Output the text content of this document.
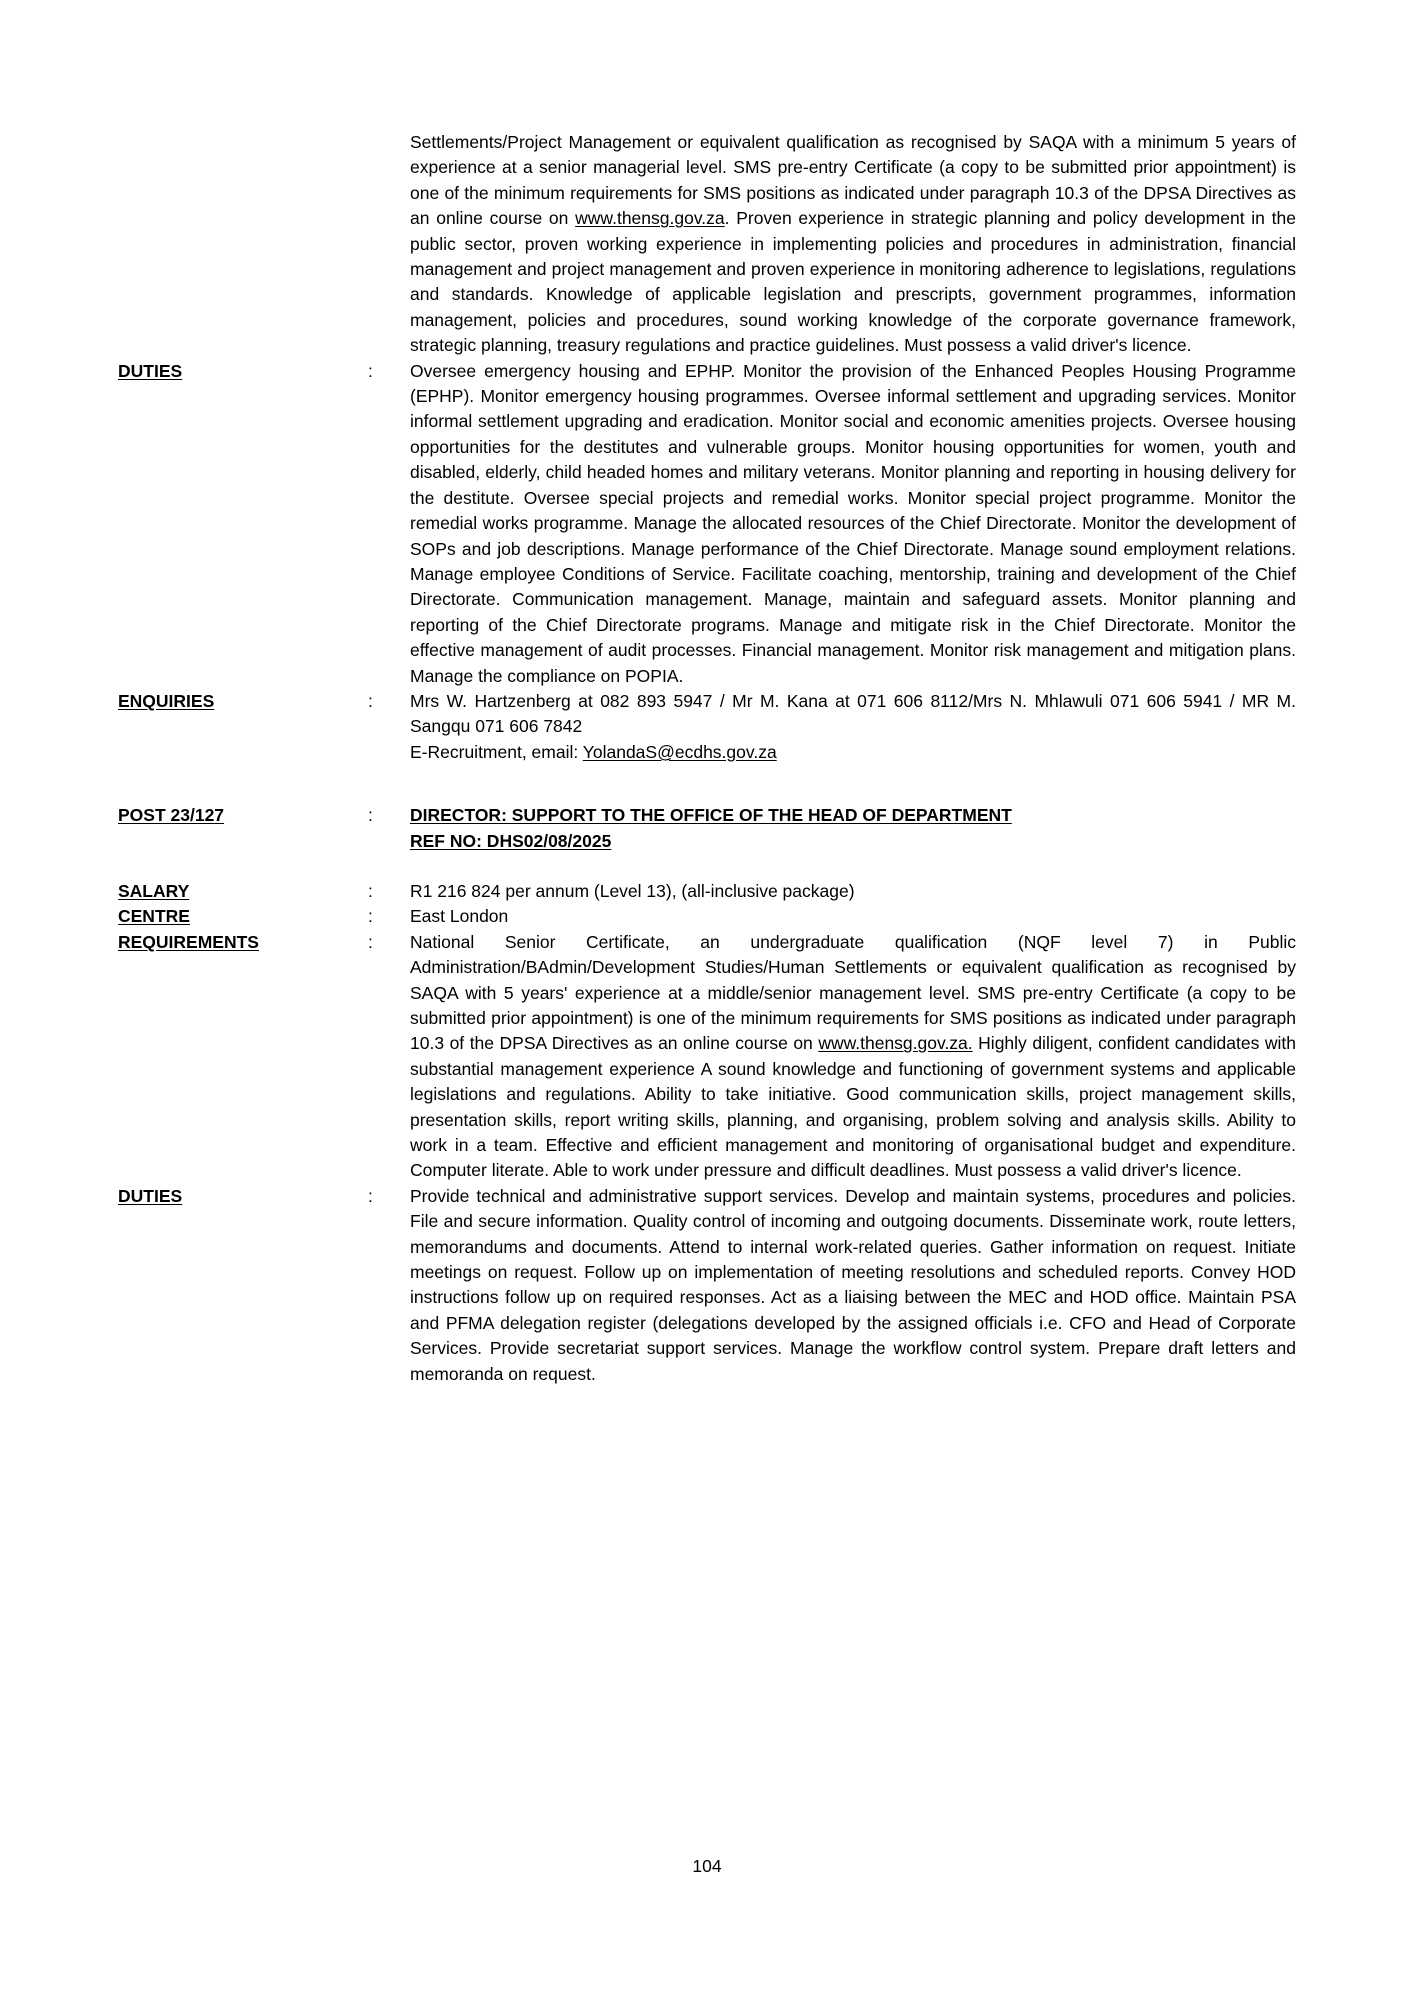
Settlements/Project Management or equivalent qualification as recognised by SAQA with a minimum 5 years of experience at a senior managerial level. SMS pre-entry Certificate (a copy to be submitted prior appointment) is one of the minimum requirements for SMS positions as indicated under paragraph 10.3 of the DPSA Directives as an online course on www.thensg.gov.za. Proven experience in strategic planning and policy development in the public sector, proven working experience in implementing policies and procedures in administration, financial management and project management and proven experience in monitoring adherence to legislations, regulations and standards. Knowledge of applicable legislation and prescripts, government programmes, information management, policies and procedures, sound working knowledge of the corporate governance framework, strategic planning, treasury regulations and practice guidelines. Must possess a valid driver's licence.
DUTIES	:	Oversee emergency housing and EPHP. Monitor the provision of the Enhanced Peoples Housing Programme (EPHP). Monitor emergency housing programmes. Oversee informal settlement and upgrading services. Monitor informal settlement upgrading and eradication. Monitor social and economic amenities projects. Oversee housing opportunities for the destitutes and vulnerable groups. Monitor housing opportunities for women, youth and disabled, elderly, child headed homes and military veterans. Monitor planning and reporting in housing delivery for the destitute. Oversee special projects and remedial works. Monitor special project programme. Monitor the remedial works programme. Manage the allocated resources of the Chief Directorate. Monitor the development of SOPs and job descriptions. Manage performance of the Chief Directorate. Manage sound employment relations. Manage employee Conditions of Service. Facilitate coaching, mentorship, training and development of the Chief Directorate. Communication management. Manage, maintain and safeguard assets. Monitor planning and reporting of the Chief Directorate programs. Manage and mitigate risk in the Chief Directorate. Monitor the effective management of audit processes. Financial management. Monitor risk management and mitigation plans. Manage the compliance on POPIA.
ENQUIRIES	:	Mrs W. Hartzenberg at 082 893 5947 / Mr M. Kana at 071 606 8112/Mrs N. Mhlawuli 071 606 5941 / MR M. Sangqu 071 606 7842
E-Recruitment, email: YolandaS@ecdhs.gov.za
POST 23/127	:	DIRECTOR: SUPPORT TO THE OFFICE OF THE HEAD OF DEPARTMENT
REF NO: DHS02/08/2025
SALARY	:	R1 216 824 per annum (Level 13), (all-inclusive package)
CENTRE	:	East London
REQUIREMENTS	:	National Senior Certificate, an undergraduate qualification (NQF level 7) in Public Administration/BAdmin/Development Studies/Human Settlements or equivalent qualification as recognised by SAQA with 5 years' experience at a middle/senior management level. SMS pre-entry Certificate (a copy to be submitted prior appointment) is one of the minimum requirements for SMS positions as indicated under paragraph 10.3 of the DPSA Directives as an online course on www.thensg.gov.za. Highly diligent, confident candidates with substantial management experience A sound knowledge and functioning of government systems and applicable legislations and regulations. Ability to take initiative. Good communication skills, project management skills, presentation skills, report writing skills, planning, and organising, problem solving and analysis skills. Ability to work in a team. Effective and efficient management and monitoring of organisational budget and expenditure. Computer literate. Able to work under pressure and difficult deadlines. Must possess a valid driver's licence.
DUTIES	:	Provide technical and administrative support services. Develop and maintain systems, procedures and policies. File and secure information. Quality control of incoming and outgoing documents. Disseminate work, route letters, memorandums and documents. Attend to internal work-related queries. Gather information on request. Initiate meetings on request. Follow up on implementation of meeting resolutions and scheduled reports. Convey HOD instructions follow up on required responses. Act as a liaising between the MEC and HOD office. Maintain PSA and PFMA delegation register (delegations developed by the assigned officials i.e. CFO and Head of Corporate Services. Provide secretariat support services. Manage the workflow control system. Prepare draft letters and memoranda on request.
104
